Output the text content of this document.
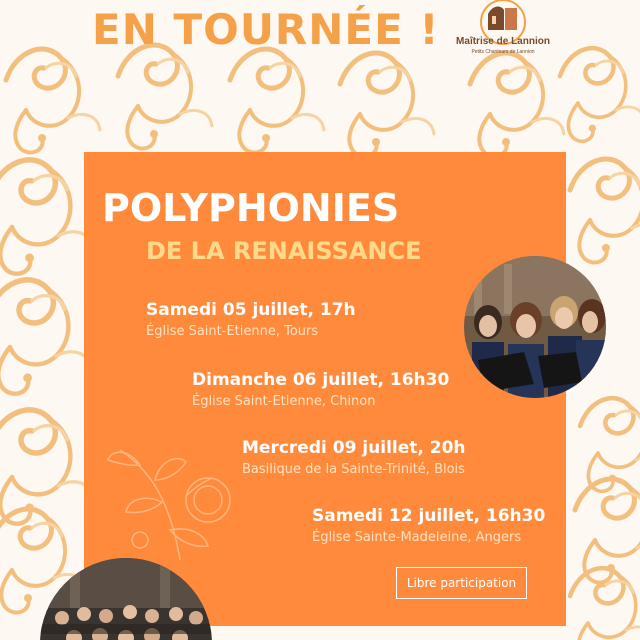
EN TOURNÉE !	Maîtrise de Lannion
Petits Chanteurs de Lannion
POLYPHONIES
DE LA RENAISSANCE
Samedi 05 juillet, 17h
Église Saint-Etienne, Tours
Dimanche 06 juillet, 16h30
Église Saint-Etienne, Chinon
Mercredi 09 juillet, 20h
Basilique de la Sainte-Trinité, Blois
Samedi 12 juillet, 16h30
Église Sainte-Madeleine, Angers
Libre participation
